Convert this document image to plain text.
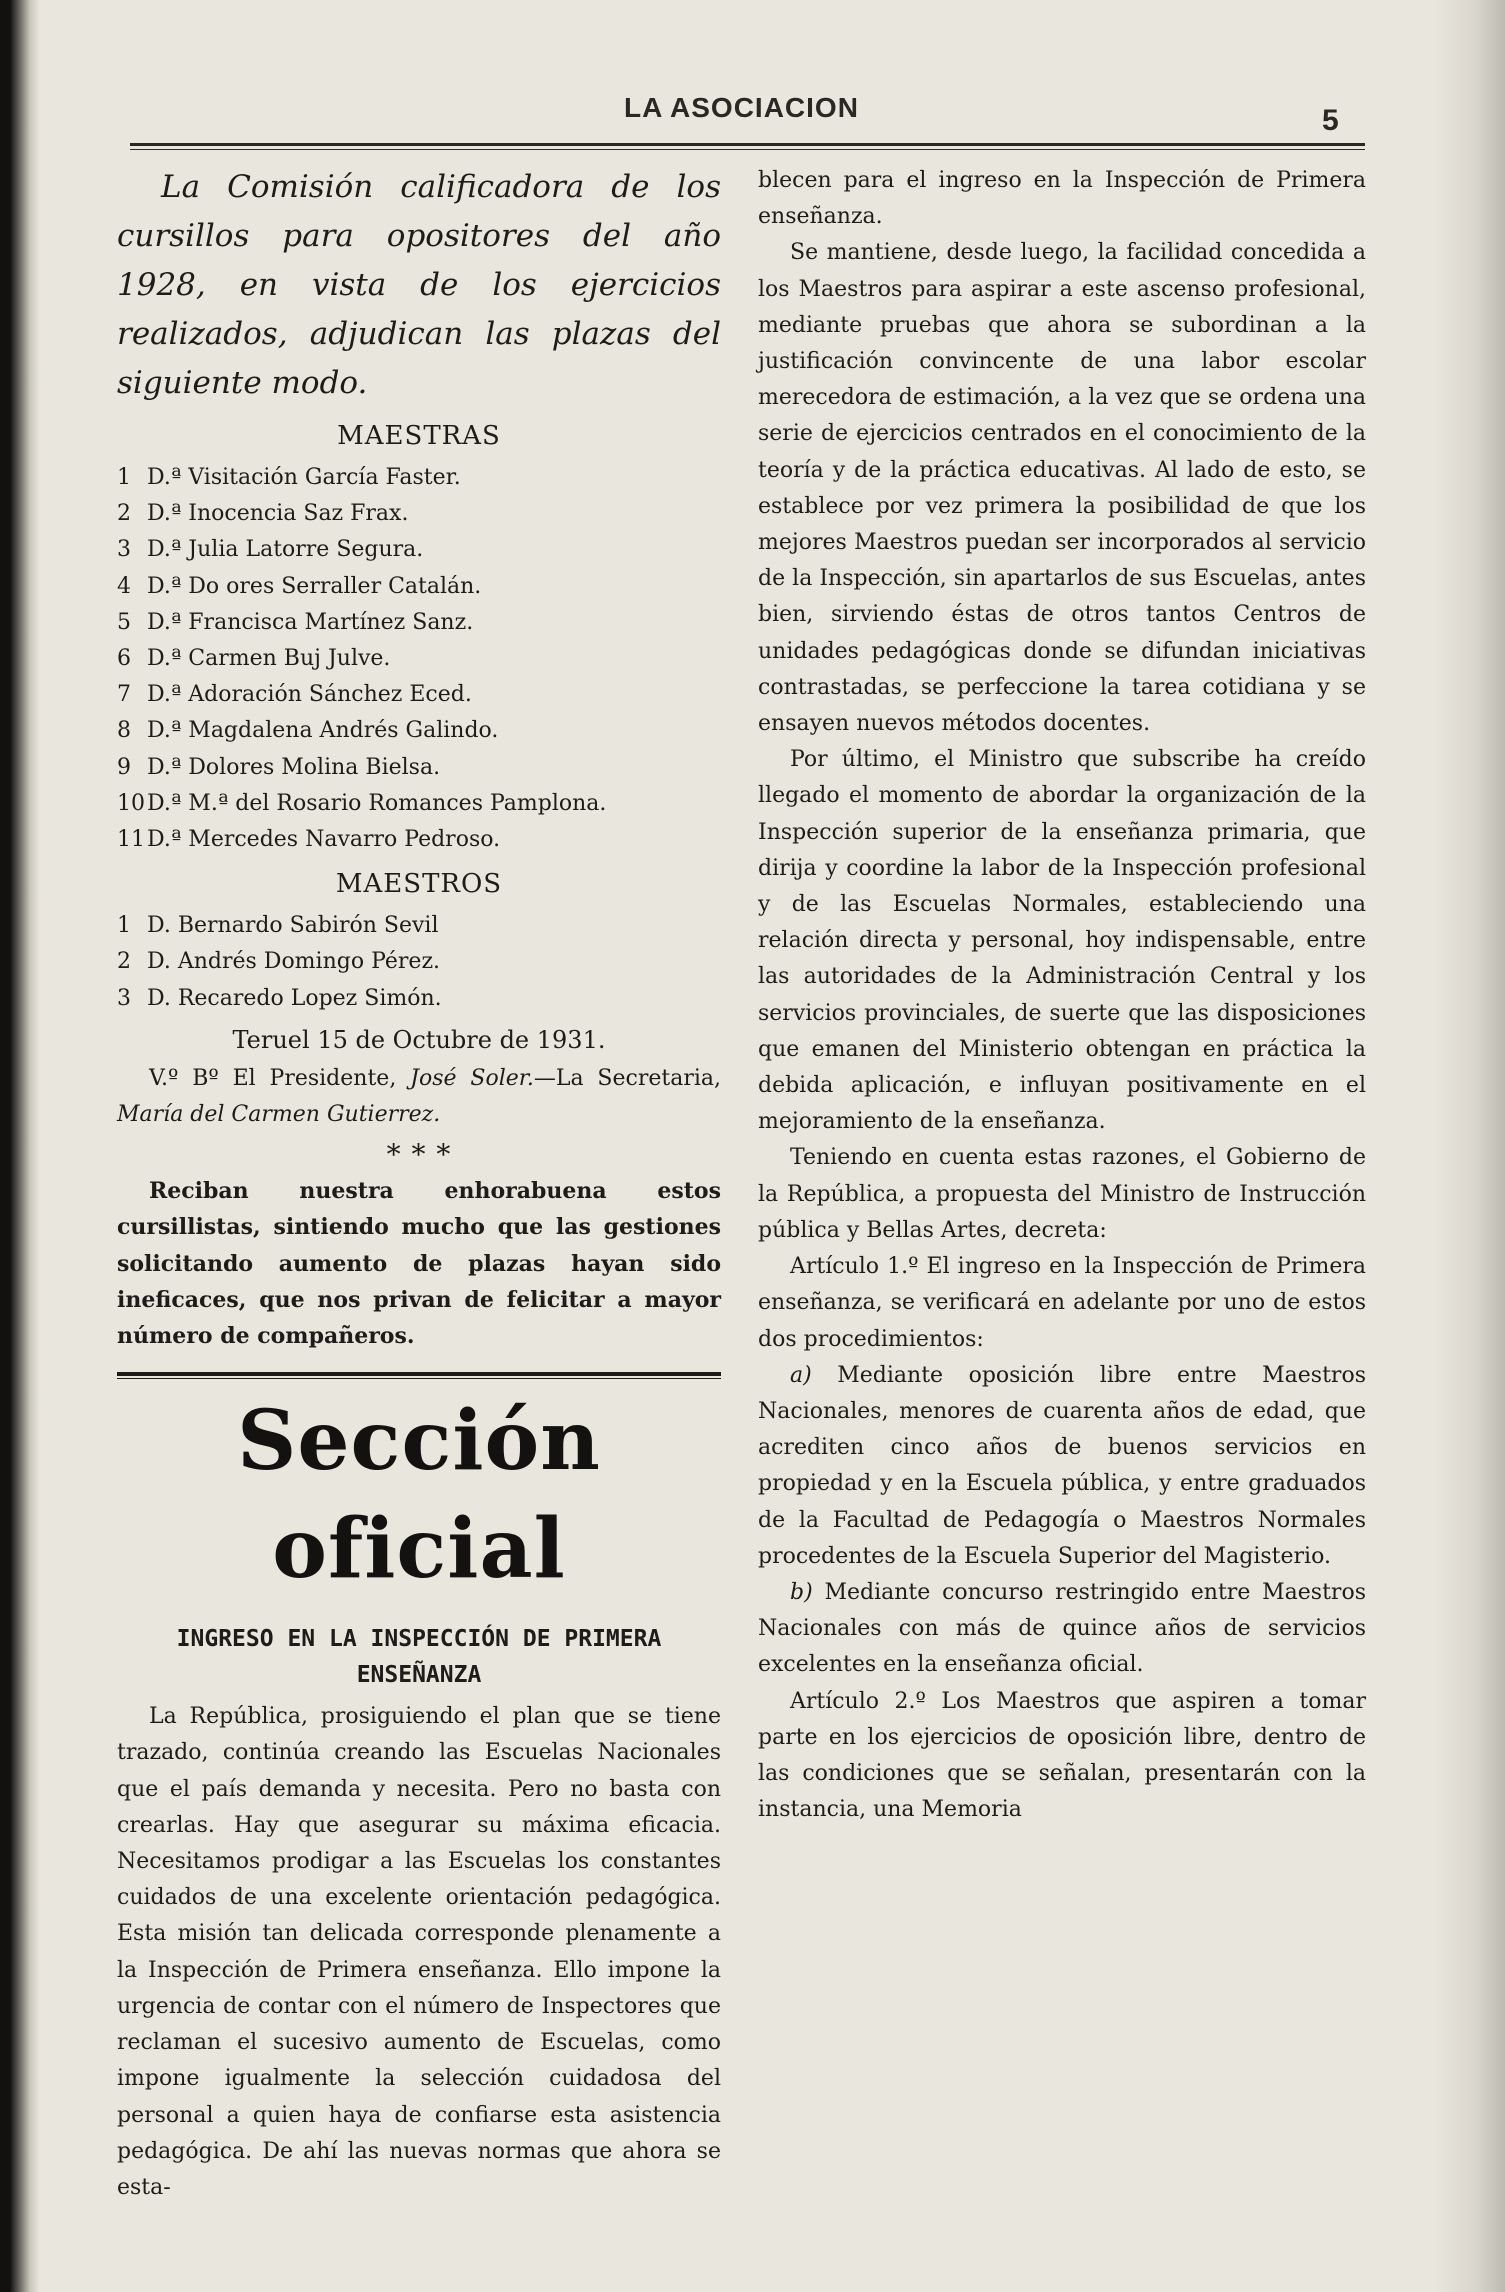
LA ASOCIACION	5

La Comisión calificadora de los cursillos para opositores del año 1928, en vista de los ejercicios realizados, adjudican las plazas del siguiente modo.

MAESTRAS
1 D.ª Visitación García Faster.
2 D.ª Inocencia Saz Frax.
3 D.ª Julia Latorre Segura.
4 D.ª Do ores Serraller Catalán.
5 D.ª Francisca Martínez Sanz.
6 D.ª Carmen Buj Julve.
7 D.ª Adoración Sánchez Eced.
8 D.ª Magdalena Andrés Galindo.
9 D.ª Dolores Molina Bielsa.
10 D.ª M.ª del Rosario Romances Pamplona.
11 D.ª Mercedes Navarro Pedroso.
MAESTROS
1 D. Bernardo Sabirón Sevil
2 D. Andrés Domingo Pérez.
3 D. Recaredo Lopez Simón.
Teruel 15 de Octubre de 1931.

V.º Bº El Presidente, José Soler.—La Secretaria, María del Carmen Gutierrez.

* * *

Reciban nuestra enhorabuena estos cursillistas, sintiendo mucho que las gestiones solicitando aumento de plazas hayan sido ineficaces, que nos privan de felicitar a mayor número de compañeros.

Sección oficial
INGRESO EN LA INSPECCIÓN DE PRIMERA
ENSEÑANZA

La República, prosiguiendo el plan que se tiene trazado, continúa creando las Escuelas Nacionales que el país demanda y necesita. Pero no basta con crearlas. Hay que asegurar su máxima eficacia. Necesitamos prodigar a las Escuelas los constantes cuidados de una excelente orientación pedagógica. Esta misión tan delicada corresponde plenamente a la Inspección de Primera enseñanza. Ello impone la urgencia de contar con el número de Inspectores que reclaman el sucesivo aumento de Escuelas, como impone igualmente la selección cuidadosa del personal a quien haya de confiarse esta asistencia pedagógica. De ahí las nuevas normas que ahora se esta-

blecen para el ingreso en la Inspección de Primera enseñanza.

Se mantiene, desde luego, la facilidad concedida a los Maestros para aspirar a este ascenso profesional, mediante pruebas que ahora se subordinan a la justificación convincente de una labor escolar merecedora de estimación, a la vez que se ordena una serie de ejercicios centrados en el conocimiento de la teoría y de la práctica educativas. Al lado de esto, se establece por vez primera la posibilidad de que los mejores Maestros puedan ser incorporados al servicio de la Inspección, sin apartarlos de sus Escuelas, antes bien, sirviendo éstas de otros tantos Centros de unidades pedagógicas donde se difundan iniciativas contrastadas, se perfeccione la tarea cotidiana y se ensayen nuevos métodos docentes.

Por último, el Ministro que subscribe ha creído llegado el momento de abordar la organización de la Inspección superior de la enseñanza primaria, que dirija y coordine la labor de la Inspección profesional y de las Escuelas Normales, estableciendo una relación directa y personal, hoy indispensable, entre las autoridades de la Administración Central y los servicios provinciales, de suerte que las disposiciones que emanen del Ministerio obtengan en práctica la debida aplicación, e influyan positivamente en el mejoramiento de la enseñanza.

Teniendo en cuenta estas razones, el Gobierno de la República, a propuesta del Ministro de Instrucción pública y Bellas Artes, decreta:

Artículo 1.º El ingreso en la Inspección de Primera enseñanza, se verificará en adelante por uno de estos dos procedimientos:

a) Mediante oposición libre entre Maestros Nacionales, menores de cuarenta años de edad, que acrediten cinco años de buenos servicios en propiedad y en la Escuela pública, y entre graduados de la Facultad de Pedagogía o Maestros Normales procedentes de la Escuela Superior del Magisterio.

b) Mediante concurso restringido entre Maestros Nacionales con más de quince años de servicios excelentes en la enseñanza oficial.

Artículo 2.º Los Maestros que aspiren a tomar parte en los ejercicios de oposición libre, dentro de las condiciones que se señalan, presentarán con la instancia, una Memoria
